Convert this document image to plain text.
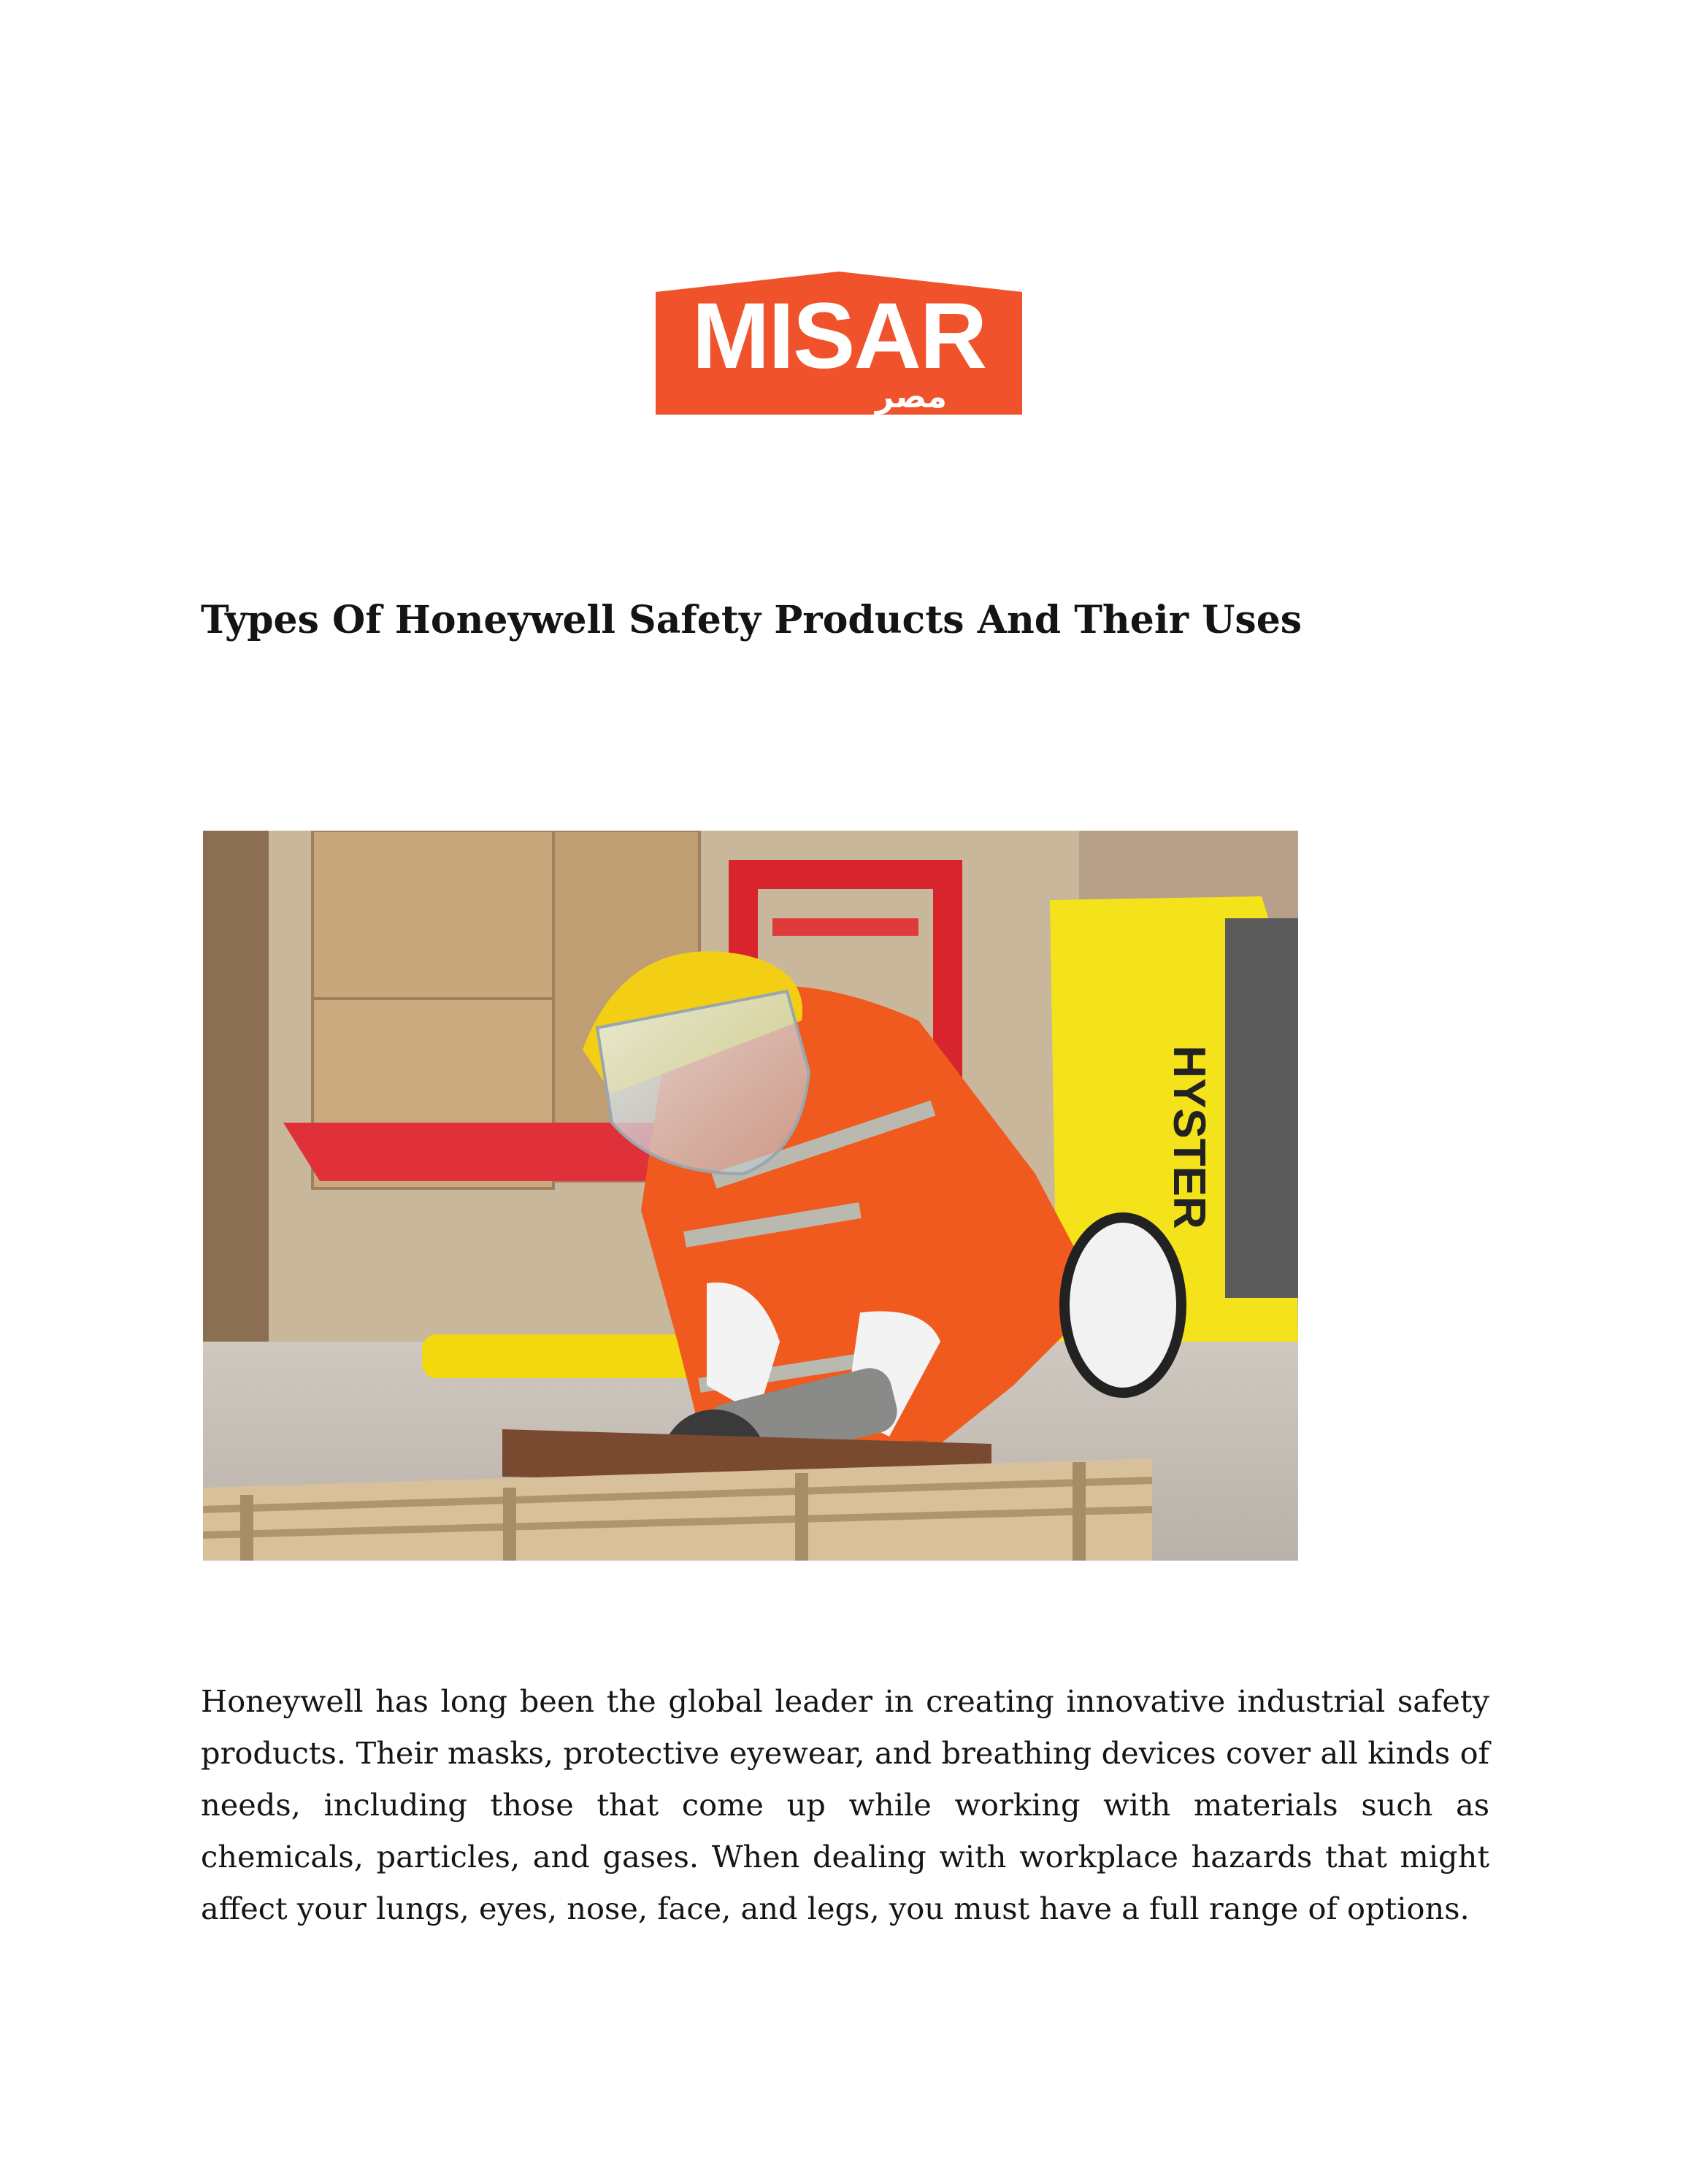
MISAR
مصر
Types Of Honeywell Safety Products And Their Uses
HYSTER

Honeywell has long been the global leader in creating innovative industrial safety products. Their masks, protective eyewear, and breathing devices cover all kinds of needs, including those that come up while working with materials such as chemicals, particles, and gases. When dealing with workplace hazards that might affect your lungs, eyes, nose, face, and legs, you must have a full range of options.
